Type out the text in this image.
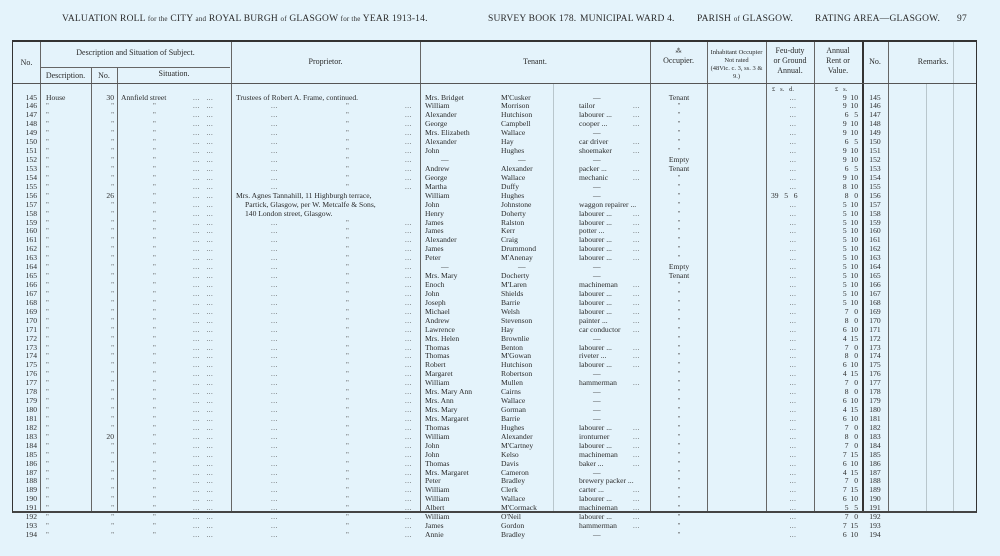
VALUATION ROLL for the CITY and ROYAL BURGH of GLASGOW for the YEAR 1913-14.	SURVEY BOOK 178. MUNICIPAL WARD 4. PARISH of GLASGOW. RATING AREA—GLASGOW. 97
No.
Description and Situation of Subject.
Description.	No.	Situation.
Proprietor.	Tenant.
⁂
Occupier.
Inhabitant Occupier
Not rated
(48Vic. c. 3, ss. 3 & 9.)
Feu-duty
or Ground
Annual.
Annual
Rent or
Value.
No.	Remarks.
£   s.   d.	£   s.
145 House	30 Annfield street	...   ...	Trustees of Robert A. Frame, continued.	Mrs. Bridget	M'Cusker	—	Tenant	...	9  10	145
146 "	"	"	...   ...	...	"	...	William	Morrison	tailor	...	"	...	9  10	146
147 "	"	"	...   ...	...	"	...	Alexander	Hutchison	labourer ...	...	"	...	6   5	147
148 "	"	"	...   ...	...	"	...	George	Campbell	cooper ...	...	"	...	9  10	148
149 "	"	"	...   ...	...	"	...	Mrs. Elizabeth	Wallace	—	"	...	9  10	149
150 "	"	"	...   ...	...	"	...	Alexander	Hay	car driver	...	"	...	6   5	150
151 "	"	"	...   ...	...	"	...	John	Hughes	shoemaker	...	"	...	9  10	151
152 "	"	"	...   ...	...	"	...	—	—	—	Empty	...	9  10	152
153 "	"	"	...   ...	...	"	...	Andrew	Alexander	packer ...	...	Tenant	...	6   5	153
154 "	"	"	...   ...	...	"	...	George	Wallace	mechanic	...	"	...	9  10	154
155 "	"	"	...   ...	...	"	...	Martha	Duffy	—	"	...	8  10	155
156 "	26	"	...   ...	Mrs. Agnes Tannahill, 11 Highburgh terrace,	William	Hughes	—	"	39   5   6	8   0	156
157 "	"	"	...   ...	Partick, Glasgow, per W. Metcalfe & Sons,	John	Johnstone	waggon repairer ...	"	...	5  10	157
158 "	"	"	...   ...	140 London street, Glasgow.	Henry	Doherty	labourer ...	...	"	...	5  10	158
159 "	"	"	...   ...	...	"	...	James	Ralston	labourer ...	...	"	...	5  10	159
160 "	"	"	...   ...	...	"	...	James	Kerr	potter ...	...	"	...	5  10	160
161 "	"	"	...   ...	...	"	...	Alexander	Craig	labourer ...	...	"	...	5  10	161
162 "	"	"	...   ...	...	"	...	James	Drummond	labourer ...	...	"	...	5  10	162
163 "	"	"	...   ...	...	"	...	Peter	M'Anenay	labourer ...	...	"	...	5  10	163
164 "	"	"	...   ...	...	"	...	—	—	—	Empty	...	5  10	164
165 "	"	"	...   ...	...	"	...	Mrs. Mary	Docherty	—	Tenant	...	5  10	165
166 "	"	"	...   ...	...	"	...	Enoch	M'Laren	machineman ...	"	...	5  10	166
167 "	"	"	...   ...	...	"	...	John	Shields	labourer ...	...	"	...	5  10	167
168 "	"	"	...   ...	...	"	...	Joseph	Barrie	labourer ...	...	"	...	5  10	168
169 "	"	"	...   ...	...	"	...	Michael	Welsh	labourer ...	...	"	...	7   0	169
170 "	"	"	...   ...	...	"	...	Andrew	Stevenson	painter ...	...	"	...	8   0	170
171 "	"	"	...   ...	...	"	...	Lawrence	Hay	car conductor ...	"	...	6  10	171
172 "	"	"	...   ...	...	"	...	Mrs. Helen	Brownlie	—	"	...	4  15	172
173 "	"	"	...   ...	...	"	...	Thomas	Benton	labourer ...	...	"	...	7   0	173
174 "	"	"	...   ...	...	"	...	Thomas	M'Gowan	riveter ...	...	"	...	8   0	174
175 "	"	"	...   ...	...	"	...	Robert	Hutchison	labourer ...	...	"	...	6  10	175
176 "	"	"	...   ...	...	"	...	Margaret	Robertson	—	"	...	4  15	176
177 "	"	"	...   ...	...	"	...	William	Mullen	hammerman ...	"	...	7   0	177
178 "	"	"	...   ...	...	"	...	Mrs. Mary Ann	Cairns	—	"	...	8   0	178
179 "	"	"	...   ...	...	"	...	Mrs. Ann	Wallace	—	"	...	6  10	179
180 "	"	"	...   ...	...	"	...	Mrs. Mary	Gorman	—	"	...	4  15	180
181 "	"	"	...   ...	...	"	...	Mrs. Margaret	Barrie	—	"	...	6  10	181
182 "	"	"	...   ...	...	"	...	Thomas	Hughes	labourer ...	...	"	...	7   0	182
183 "	20	"	...   ...	...	"	...	William	Alexander	ironturner	...	"	...	8   0	183
184 "	"	"	...   ...	...	"	...	John	M'Cartney	labourer ...	...	"	...	7   0	184
185 "	"	"	...   ...	...	"	...	John	Kelso	machineman ...	"	...	7  15	185
186 "	"	"	...   ...	...	"	...	Thomas	Davis	baker ...	...	"	...	6  10	186
187 "	"	"	...   ...	...	"	...	Mrs. Margaret	Cameron	—	"	...	4  15	187
188 "	"	"	...   ...	...	"	...	Peter	Bradley	brewery packer ...	"	...	7   0	188
189 "	"	"	...   ...	...	"	...	William	Clerk	carter ...	...	"	...	7  15	189
190 "	"	"	...   ...	...	"	...	William	Wallace	labourer ...	...	"	...	6  10	190
191 "	"	"	...   ...	...	"	...	Albert	M'Cormack	machineman ...	"	...	5   5	191
192 "	"	"	...   ...	...	"	...	William	O'Neil	labourer ...	...	"	...	7   0	192
193 "	"	"	...   ...	...	"	...	James	Gordon	hammerman ...	"	...	7  15	193
194 "	"	"	...   ...	...	"	...	Annie	Bradley	—	"	...	6  10	194
